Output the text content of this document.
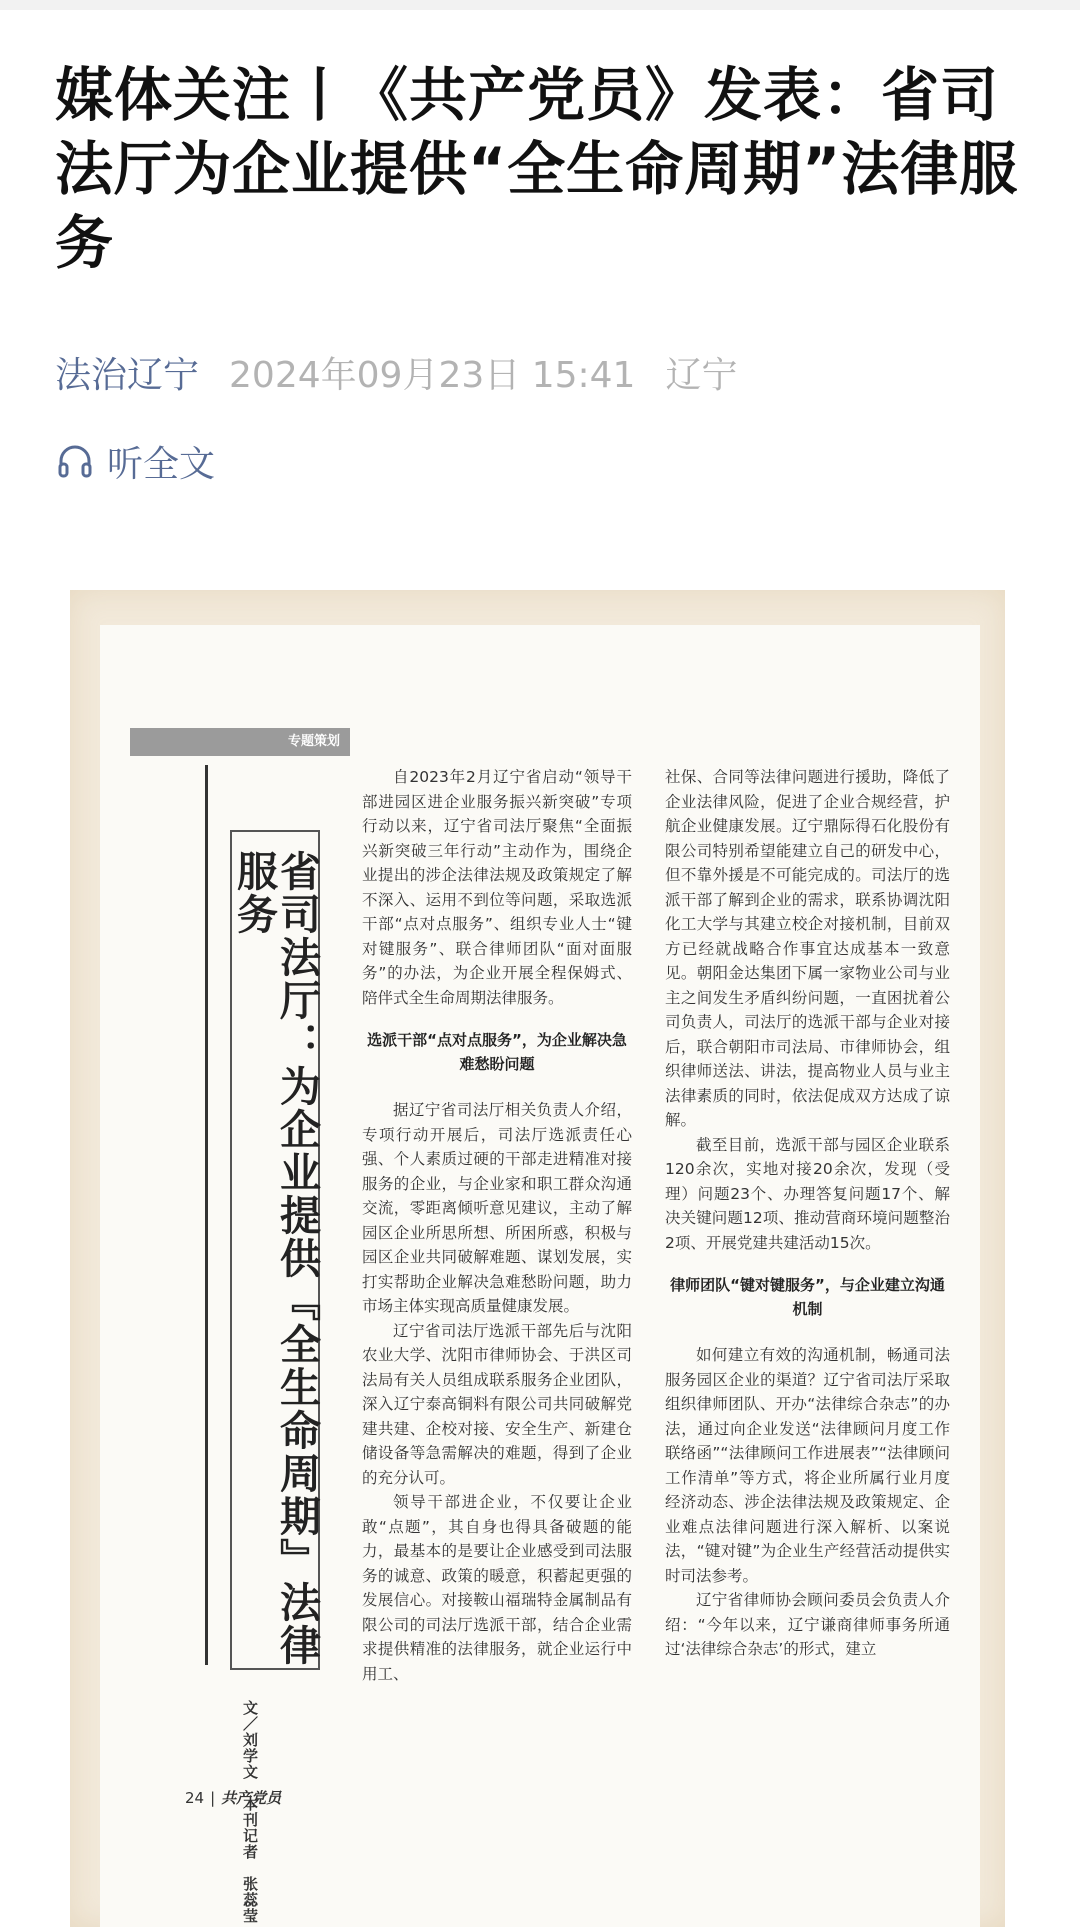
媒体关注丨《共产党员》发表：省司法厅为企业提供“全生命周期”法律服务
法治辽宁 2024年09月23日 15:41 辽宁
听全文
专题策划
省司法厅：为企业提供『全生命周期』法律服务
文／刘学文　本刊记者　张蕊莹

自2023年2月辽宁省启动“领导干部进园区进企业服务振兴新突破”专项行动以来，辽宁省司法厅聚焦“全面振兴新突破三年行动”主动作为，围绕企业提出的涉企法律法规及政策规定了解不深入、运用不到位等问题，采取选派干部“点对点服务”、组织专业人士“键对键服务”、联合律师团队“面对面服务”的办法，为企业开展全程保姆式、陪伴式全生命周期法律服务。

选派干部“点对点服务”，为企业解决急难愁盼问题

据辽宁省司法厅相关负责人介绍，专项行动开展后，司法厅选派责任心强、个人素质过硬的干部走进精准对接服务的企业，与企业家和职工群众沟通交流，零距离倾听意见建议，主动了解园区企业所思所想、所困所惑，积极与园区企业共同破解难题、谋划发展，实打实帮助企业解决急难愁盼问题，助力市场主体实现高质量健康发展。

辽宁省司法厅选派干部先后与沈阳农业大学、沈阳市律师协会、于洪区司法局有关人员组成联系服务企业团队，深入辽宁泰高铜料有限公司共同破解党建共建、企校对接、安全生产、新建仓储设备等急需解决的难题，得到了企业的充分认可。

领导干部进企业，不仅要让企业敢“点题”，其自身也得具备破题的能力，最基本的是要让企业感受到司法服务的诚意、政策的暖意，积蓄起更强的发展信心。对接鞍山福瑞特金属制品有限公司的司法厅选派干部，结合企业需求提供精准的法律服务，就企业运行中用工、

社保、合同等法律问题进行援助，降低了企业法律风险，促进了企业合规经营，护航企业健康发展。辽宁鼎际得石化股份有限公司特别希望能建立自己的研发中心，但不靠外援是不可能完成的。司法厅的选派干部了解到企业的需求，联系协调沈阳化工大学与其建立校企对接机制，目前双方已经就战略合作事宜达成基本一致意见。朝阳金达集团下属一家物业公司与业主之间发生矛盾纠纷问题，一直困扰着公司负责人，司法厅的选派干部与企业对接后，联合朝阳市司法局、市律师协会，组织律师送法、讲法，提高物业人员与业主法律素质的同时，依法促成双方达成了谅解。

截至目前，选派干部与园区企业联系120余次，实地对接20余次，发现（受理）问题23个、办理答复问题17个、解决关键问题12项、推动营商环境问题整治2项、开展党建共建活动15次。

律师团队“键对键服务”，与企业建立沟通机制

如何建立有效的沟通机制，畅通司法服务园区企业的渠道？辽宁省司法厅采取组织律师团队、开办“法律综合杂志”的办法，通过向企业发送“法律顾问月度工作联络函”“法律顾问工作进展表”“法律顾问工作清单”等方式，将企业所属行业月度经济动态、涉企法律法规及政策规定、企业难点法律问题进行深入解析、以案说法，“键对键”为企业生产经营活动提供实时司法参考。

辽宁省律师协会顾问委员会负责人介绍：“今年以来，辽宁谦商律师事务所通过‘法律综合杂志’的形式，建立

24 | 共产党员
